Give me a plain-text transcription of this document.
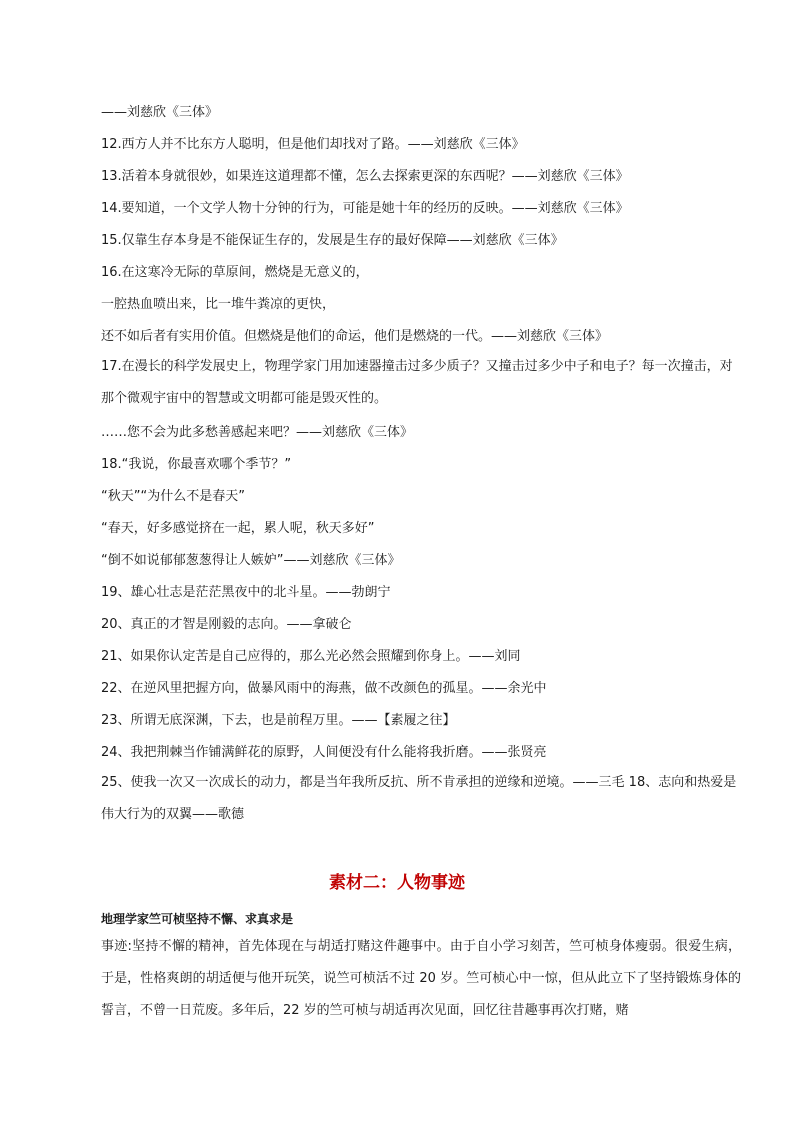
——刘慈欣《三体》
12.西方人并不比东方人聪明，但是他们却找对了路。——刘慈欣《三体》
13.活着本身就很妙，如果连这道理都不懂，怎么去探索更深的东西呢？——刘慈欣《三体》
14.要知道，一个文学人物十分钟的行为，可能是她十年的经历的反映。——刘慈欣《三体》
15.仅靠生存本身是不能保证生存的，发展是生存的最好保障——刘慈欣《三体》
16.在这寒冷无际的草原间，燃烧是无意义的，
一腔热血喷出来，比一堆牛粪凉的更快，
还不如后者有实用价值。但燃烧是他们的命运，他们是燃烧的一代。——刘慈欣《三体》
17.在漫长的科学发展史上，物理学家门用加速器撞击过多少质子？又撞击过多少中子和电子？每一次撞击，对那个微观宇宙中的智慧或文明都可能是毁灭性的。
……您不会为此多愁善感起来吧？——刘慈欣《三体》
18.“我说，你最喜欢哪个季节？”
“秋天”“为什么不是春天”
“春天，好多感觉挤在一起，累人呢，秋天多好”
“倒不如说郁郁葱葱得让人嫉妒”——刘慈欣《三体》
19、雄心壮志是茫茫黑夜中的北斗星。——勃朗宁
20、真正的才智是刚毅的志向。——拿破仑
21、如果你认定苦是自己应得的，那么光必然会照耀到你身上。——刘同
22、在逆风里把握方向，做暴风雨中的海燕，做不改颜色的孤星。——余光中
23、所谓无底深渊，下去，也是前程万里。——【素履之往】
24、我把荆棘当作铺满鲜花的原野，人间便没有什么能将我折磨。——张贤亮
25、使我一次又一次成长的动力，都是当年我所反抗、所不肯承担的逆缘和逆境。——三毛 18、志向和热爱是伟大行为的双翼——歌德
素材二：人物事迹
地理学家竺可桢坚持不懈、求真求是
事迹:坚持不懈的精神，首先体现在与胡适打赌这件趣事中。由于自小学习刻苦，竺可桢身体瘦弱。很爱生病，于是，性格爽朗的胡适便与他开玩笑，说竺可桢活不过 20 岁。竺可桢心中一惊，但从此立下了坚持锻炼身体的誓言，不曾一日荒废。多年后，22 岁的竺可桢与胡适再次见面，回忆往昔趣事再次打赌，赌
